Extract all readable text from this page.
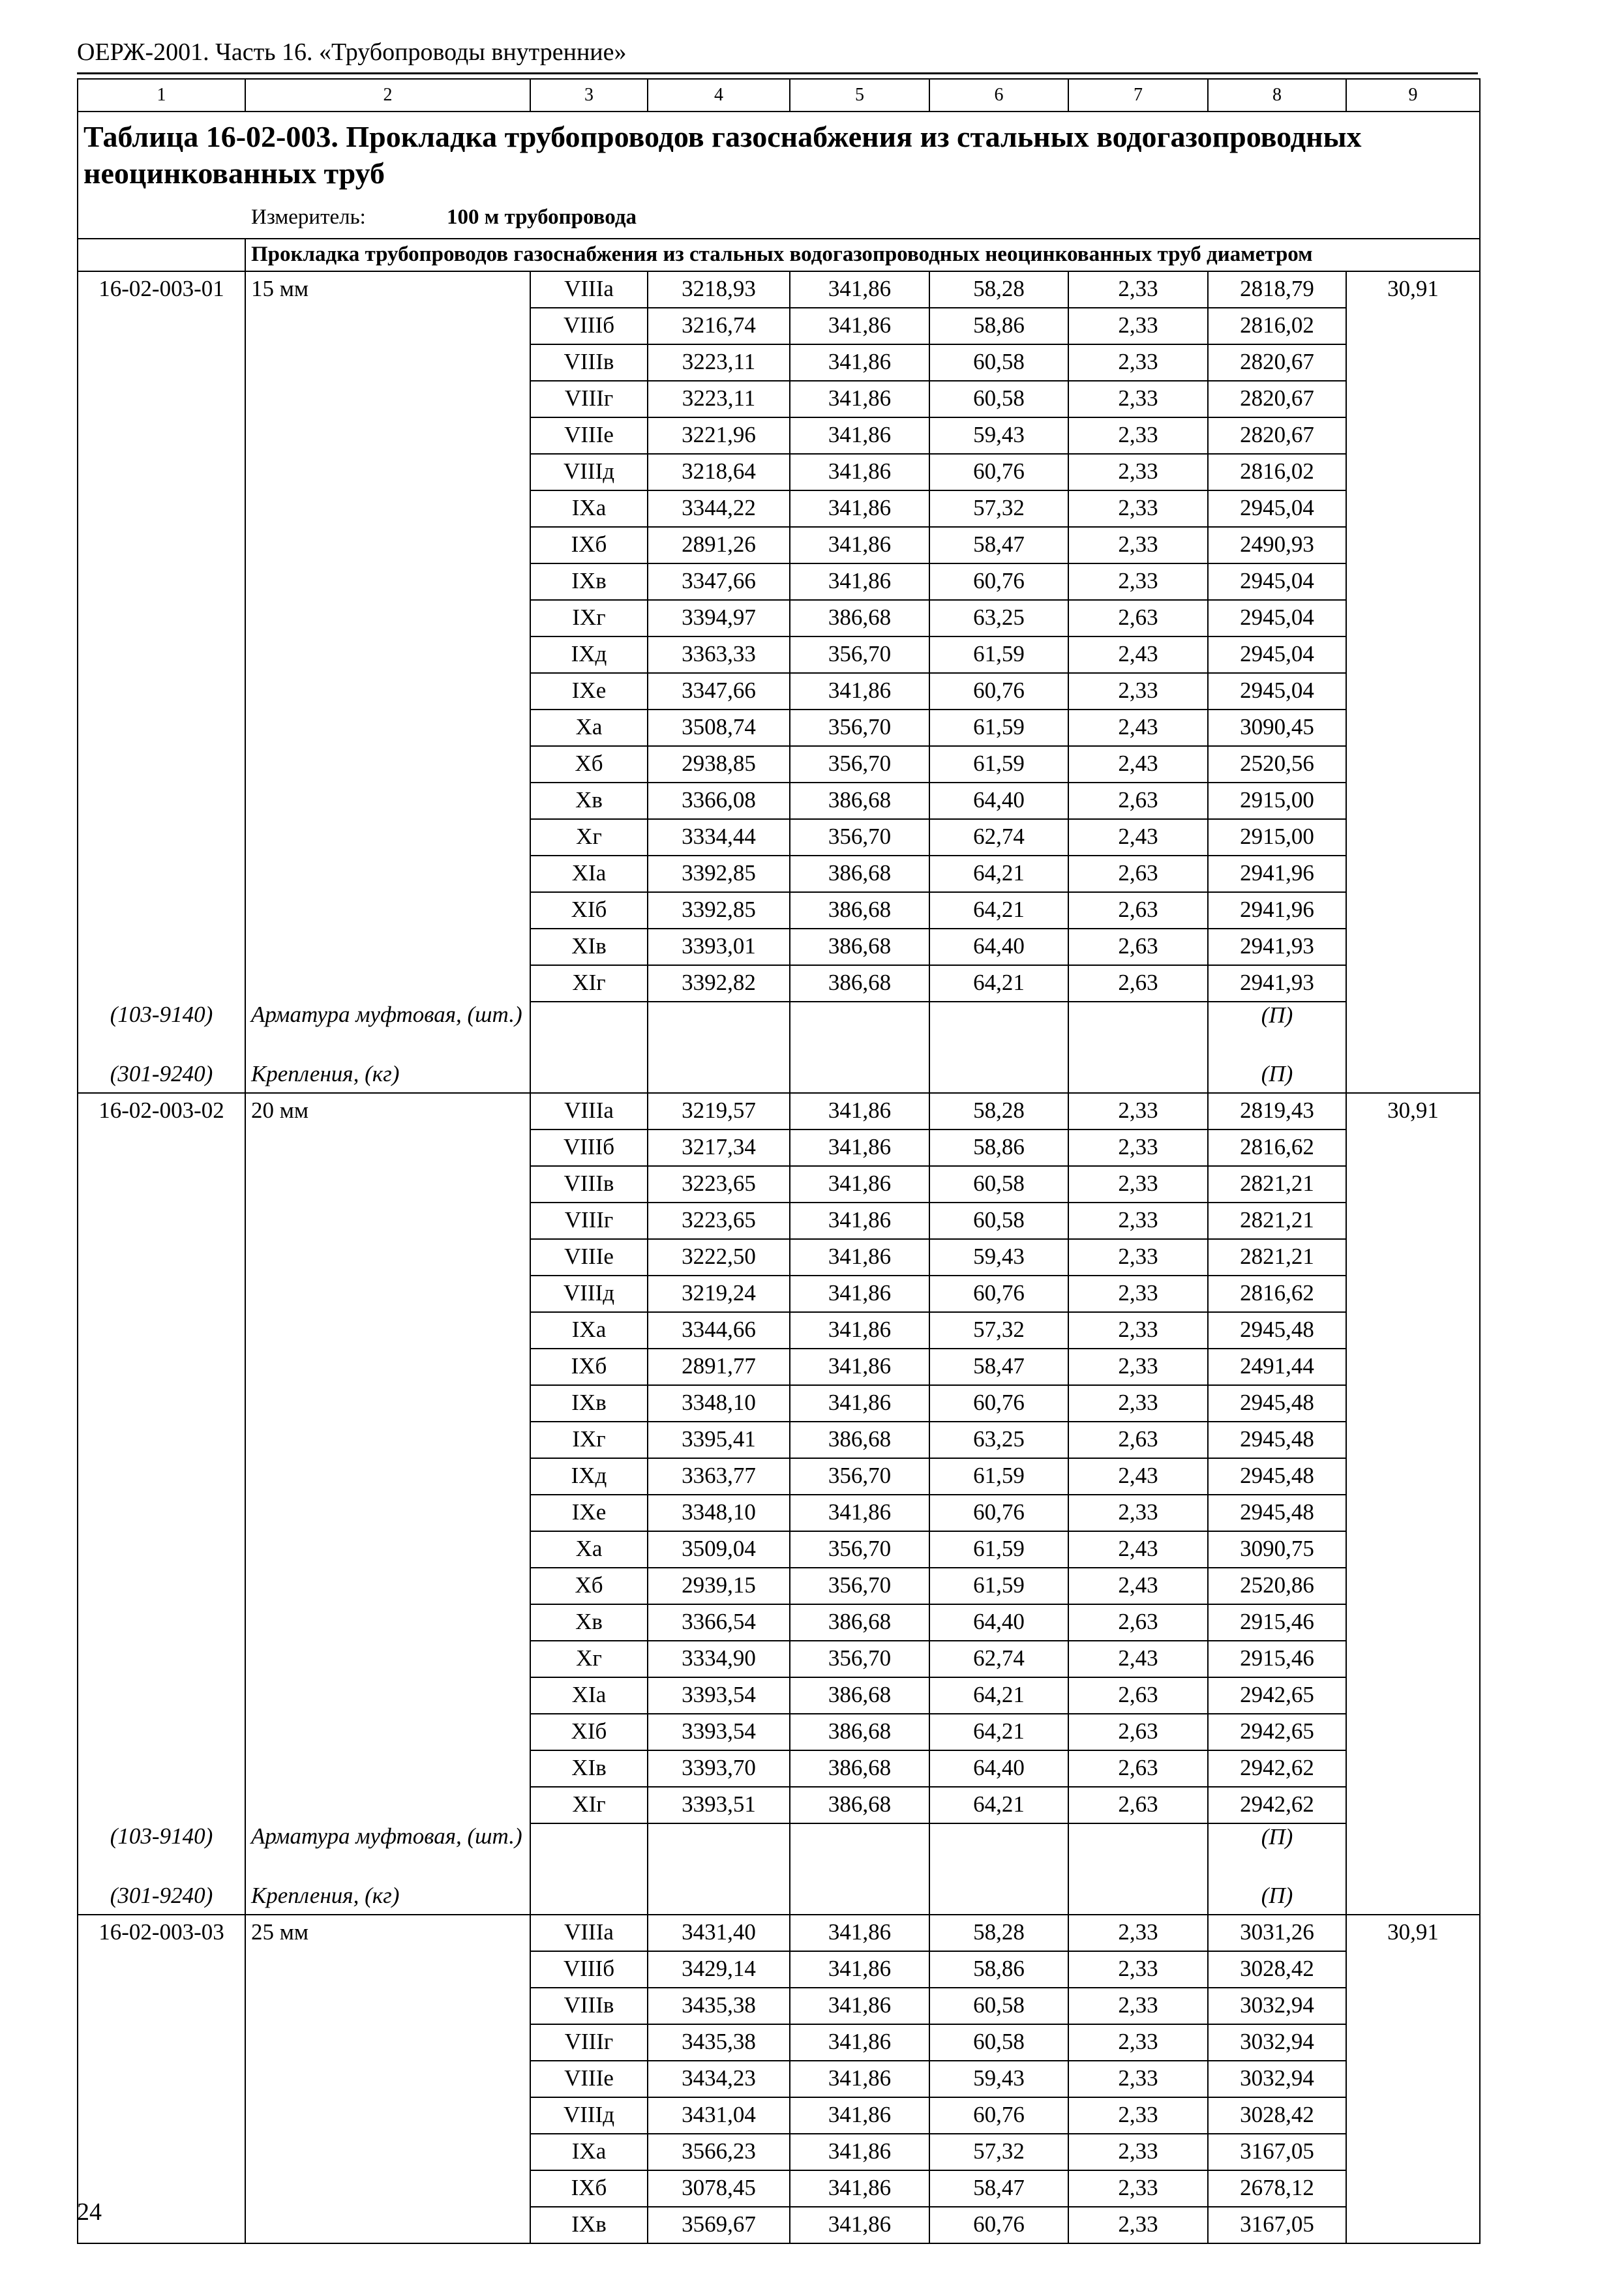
ОЕРЖ-2001. Часть 16. «Трубопроводы внутренние»
1	2	3	4	5	6	7	8	9

Таблица 16-02-003. Прокладка трубопроводов газоснабжения из стальных водогазопроводных неоцинкованных труб
Измеритель: 100 м трубопровода								

	Прокладка трубопроводов газоснабжения из стальных водогазопроводных неоцинкованных труб диаметром							
16-02-003-01	15 мм	VIIIа	3218,93	341,86	58,28	2,33	2818,79	30,91
		VIIIб	3216,74	341,86	58,86	2,33	2816,02	
		VIIIв	3223,11	341,86	60,58	2,33	2820,67	
		VIIIг	3223,11	341,86	60,58	2,33	2820,67	
		VIIIе	3221,96	341,86	59,43	2,33	2820,67	
		VIIIд	3218,64	341,86	60,76	2,33	2816,02	
		IXа	3344,22	341,86	57,32	2,33	2945,04	
		IXб	2891,26	341,86	58,47	2,33	2490,93	
		IXв	3347,66	341,86	60,76	2,33	2945,04	
		IXг	3394,97	386,68	63,25	2,63	2945,04	
		IXд	3363,33	356,70	61,59	2,43	2945,04	
		IXе	3347,66	341,86	60,76	2,33	2945,04	
		Xа	3508,74	356,70	61,59	2,43	3090,45	
		Xб	2938,85	356,70	61,59	2,43	2520,56	
		Xв	3366,08	386,68	64,40	2,63	2915,00	
		Xг	3334,44	356,70	62,74	2,43	2915,00	
		XIа	3392,85	386,68	64,21	2,63	2941,96	
		XIб	3392,85	386,68	64,21	2,63	2941,96	
		XIв	3393,01	386,68	64,40	2,63	2941,93	
		XIг	3392,82	386,68	64,21	2,63	2941,93	
(103-9140)	Арматура муфтовая, (шт.)						(П)	
(301-9240)	Крепления, (кг)						(П)	
16-02-003-02	20 мм	VIIIа	3219,57	341,86	58,28	2,33	2819,43	30,91
		VIIIб	3217,34	341,86	58,86	2,33	2816,62	
		VIIIв	3223,65	341,86	60,58	2,33	2821,21	
		VIIIг	3223,65	341,86	60,58	2,33	2821,21	
		VIIIе	3222,50	341,86	59,43	2,33	2821,21	
		VIIIд	3219,24	341,86	60,76	2,33	2816,62	
		IXа	3344,66	341,86	57,32	2,33	2945,48	
		IXб	2891,77	341,86	58,47	2,33	2491,44	
		IXв	3348,10	341,86	60,76	2,33	2945,48	
		IXг	3395,41	386,68	63,25	2,63	2945,48	
		IXд	3363,77	356,70	61,59	2,43	2945,48	
		IXе	3348,10	341,86	60,76	2,33	2945,48	
		Xа	3509,04	356,70	61,59	2,43	3090,75	
		Xб	2939,15	356,70	61,59	2,43	2520,86	
		Xв	3366,54	386,68	64,40	2,63	2915,46	
		Xг	3334,90	356,70	62,74	2,43	2915,46	
		XIа	3393,54	386,68	64,21	2,63	2942,65	
		XIб	3393,54	386,68	64,21	2,63	2942,65	
		XIв	3393,70	386,68	64,40	2,63	2942,62	
		XIг	3393,51	386,68	64,21	2,63	2942,62	
(103-9140)	Арматура муфтовая, (шт.)						(П)	
(301-9240)	Крепления, (кг)						(П)	
16-02-003-03	25 мм	VIIIа	3431,40	341,86	58,28	2,33	3031,26	30,91
		VIIIб	3429,14	341,86	58,86	2,33	3028,42	
		VIIIв	3435,38	341,86	60,58	2,33	3032,94	
		VIIIг	3435,38	341,86	60,58	2,33	3032,94	
		VIIIе	3434,23	341,86	59,43	2,33	3032,94	
		VIIIд	3431,04	341,86	60,76	2,33	3028,42	
		IXа	3566,23	341,86	57,32	2,33	3167,05	
		IXб	3078,45	341,86	58,47	2,33	2678,12	
		IXв	3569,67	341,86	60,76	2,33	3167,05	
24
